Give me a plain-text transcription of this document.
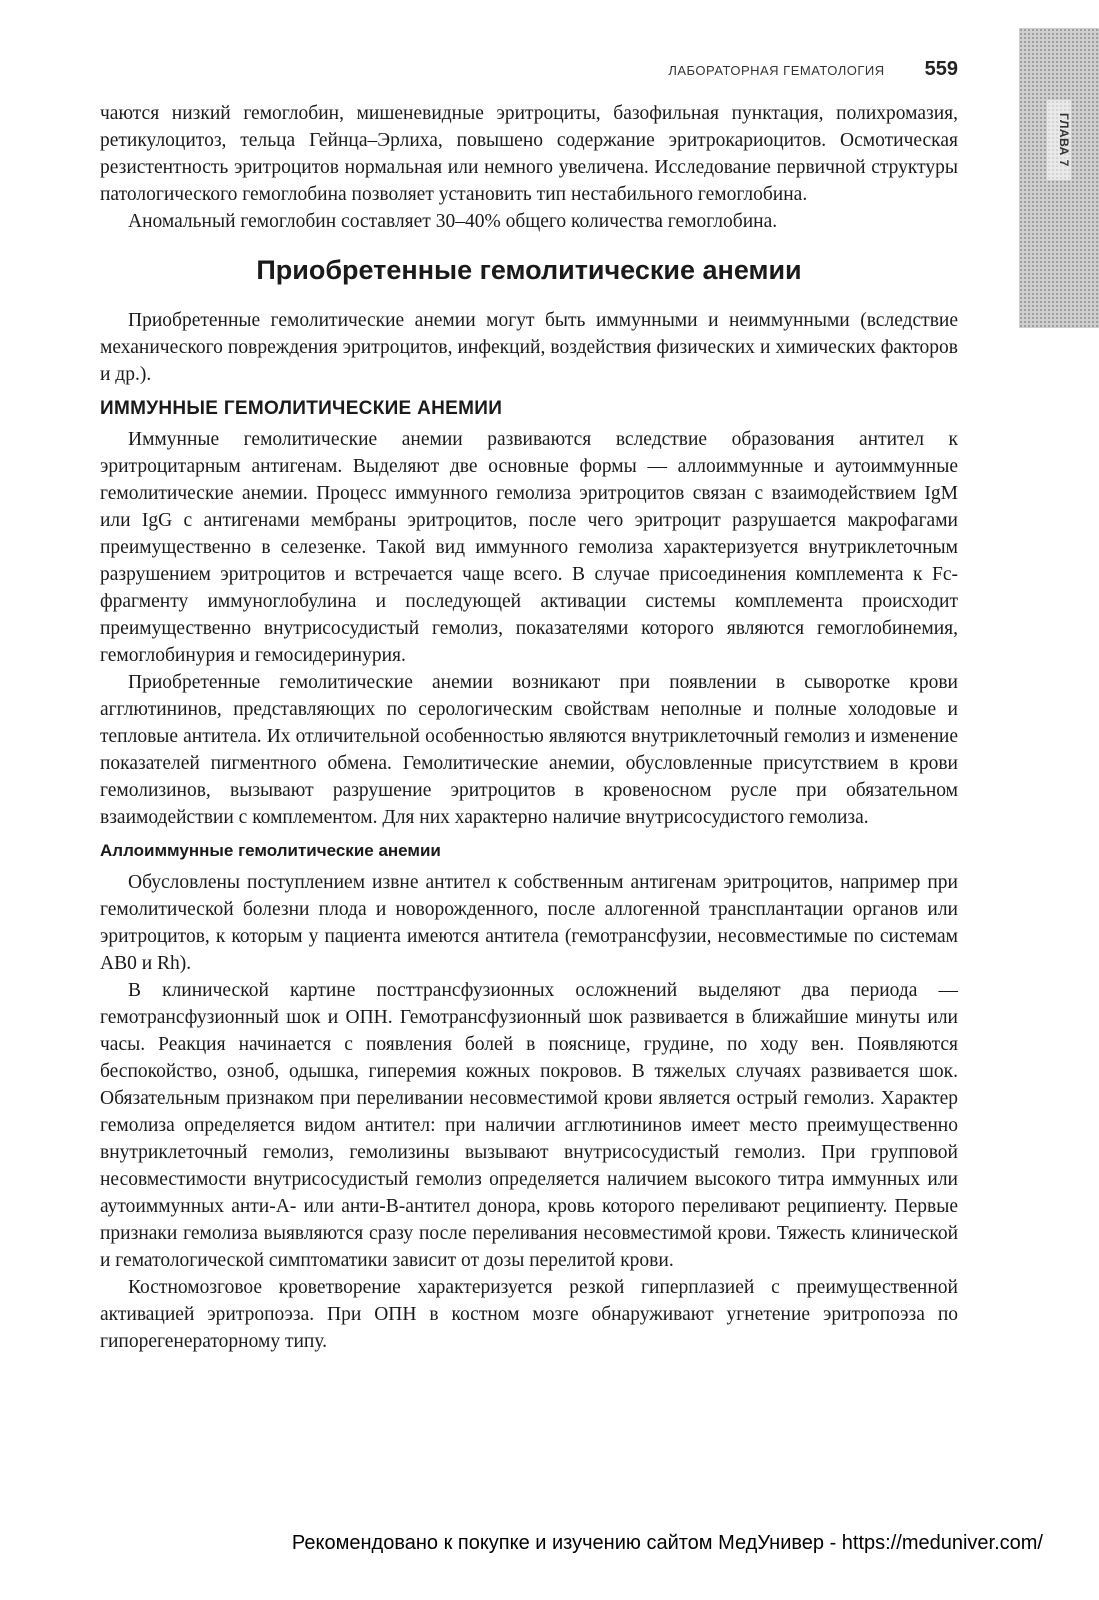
ЛАБОРАТОРНАЯ ГЕМАТОЛОГИЯ 559
ГЛАВА 7

чаются низкий гемоглобин, мишеневидные эритроциты, базофильная пунктация, полихромазия, ретикулоцитоз, тельца Гейнца–Эрлиха, повышено содержание эритрокариоцитов. Осмотическая резистентность эритроцитов нормальная или немного увеличена. Исследование первичной структуры патологического гемоглобина позволяет установить тип нестабильного гемоглобина.

Аномальный гемоглобин составляет 30–40% общего количества гемоглобина.

Приобретенные гемолитические анемии

Приобретенные гемолитические анемии могут быть иммунными и неиммунными (вследствие механического повреждения эритроцитов, инфекций, воздействия физических и химических факторов и др.).

ИММУННЫЕ ГЕМОЛИТИЧЕСКИЕ АНЕМИИ

Иммунные гемолитические анемии развиваются вследствие образования антител к эритроцитарным антигенам. Выделяют две основные формы — аллоиммунные и аутоиммунные гемолитические анемии. Процесс иммунного гемолиза эритроцитов связан с взаимодействием IgM или IgG с антигенами мембраны эритроцитов, после чего эритроцит разрушается макрофагами преимущественно в селезенке. Такой вид иммунного гемолиза характеризуется внутриклеточным разрушением эритроцитов и встречается чаще всего. В случае присоединения комплемента к Fc-фрагменту иммуноглобулина и последующей активации системы комплемента происходит преимущественно внутрисосудистый гемолиз, показателями которого являются гемоглобинемия, гемоглобинурия и гемосидеринурия.

Приобретенные гемолитические анемии возникают при появлении в сыворотке крови агглютининов, представляющих по серологическим свойствам неполные и полные холодовые и тепловые антитела. Их отличительной особенностью являются внутриклеточный гемолиз и изменение показателей пигментного обмена. Гемолитические анемии, обусловленные присутствием в крови гемолизинов, вызывают разрушение эритроцитов в кровеносном русле при обязательном взаимодействии с комплементом. Для них характерно наличие внутрисосудистого гемолиза.

Аллоиммунные гемолитические анемии

Обусловлены поступлением извне антител к собственным антигенам эритроцитов, например при гемолитической болезни плода и новорожденного, после аллогенной трансплантации органов или эритроцитов, к которым у пациента имеются антитела (гемотрансфузии, несовместимые по системам АВ0 и Rh).

В клинической картине посттрансфузионных осложнений выделяют два периода — гемотрансфузионный шок и ОПН. Гемотрансфузионный шок развивается в ближайшие минуты или часы. Реакция начинается с появления болей в пояснице, грудине, по ходу вен. Появляются беспокойство, озноб, одышка, гиперемия кожных покровов. В тяжелых случаях развивается шок. Обязательным признаком при переливании несовместимой крови является острый гемолиз. Характер гемолиза определяется видом антител: при наличии агглютининов имеет место преимущественно внутриклеточный гемолиз, гемолизины вызывают внутрисосудистый гемолиз. При групповой несовместимости внутрисосудистый гемолиз определяется наличием высокого титра иммунных или аутоиммунных анти-А- или анти-В-антител донора, кровь которого переливают реципиенту. Первые признаки гемолиза выявляются сразу после переливания несовместимой крови. Тяжесть клинической и гематологической симптоматики зависит от дозы перелитой крови.

Костномозговое кроветворение характеризуется резкой гиперплазией с преимущественной активацией эритропоэза. При ОПН в костном мозге обнаруживают угнетение эритропоэза по гипорегенераторному типу.

Рекомендовано к покупке и изучению сайтом МедУнивер - https://meduniver.com/
